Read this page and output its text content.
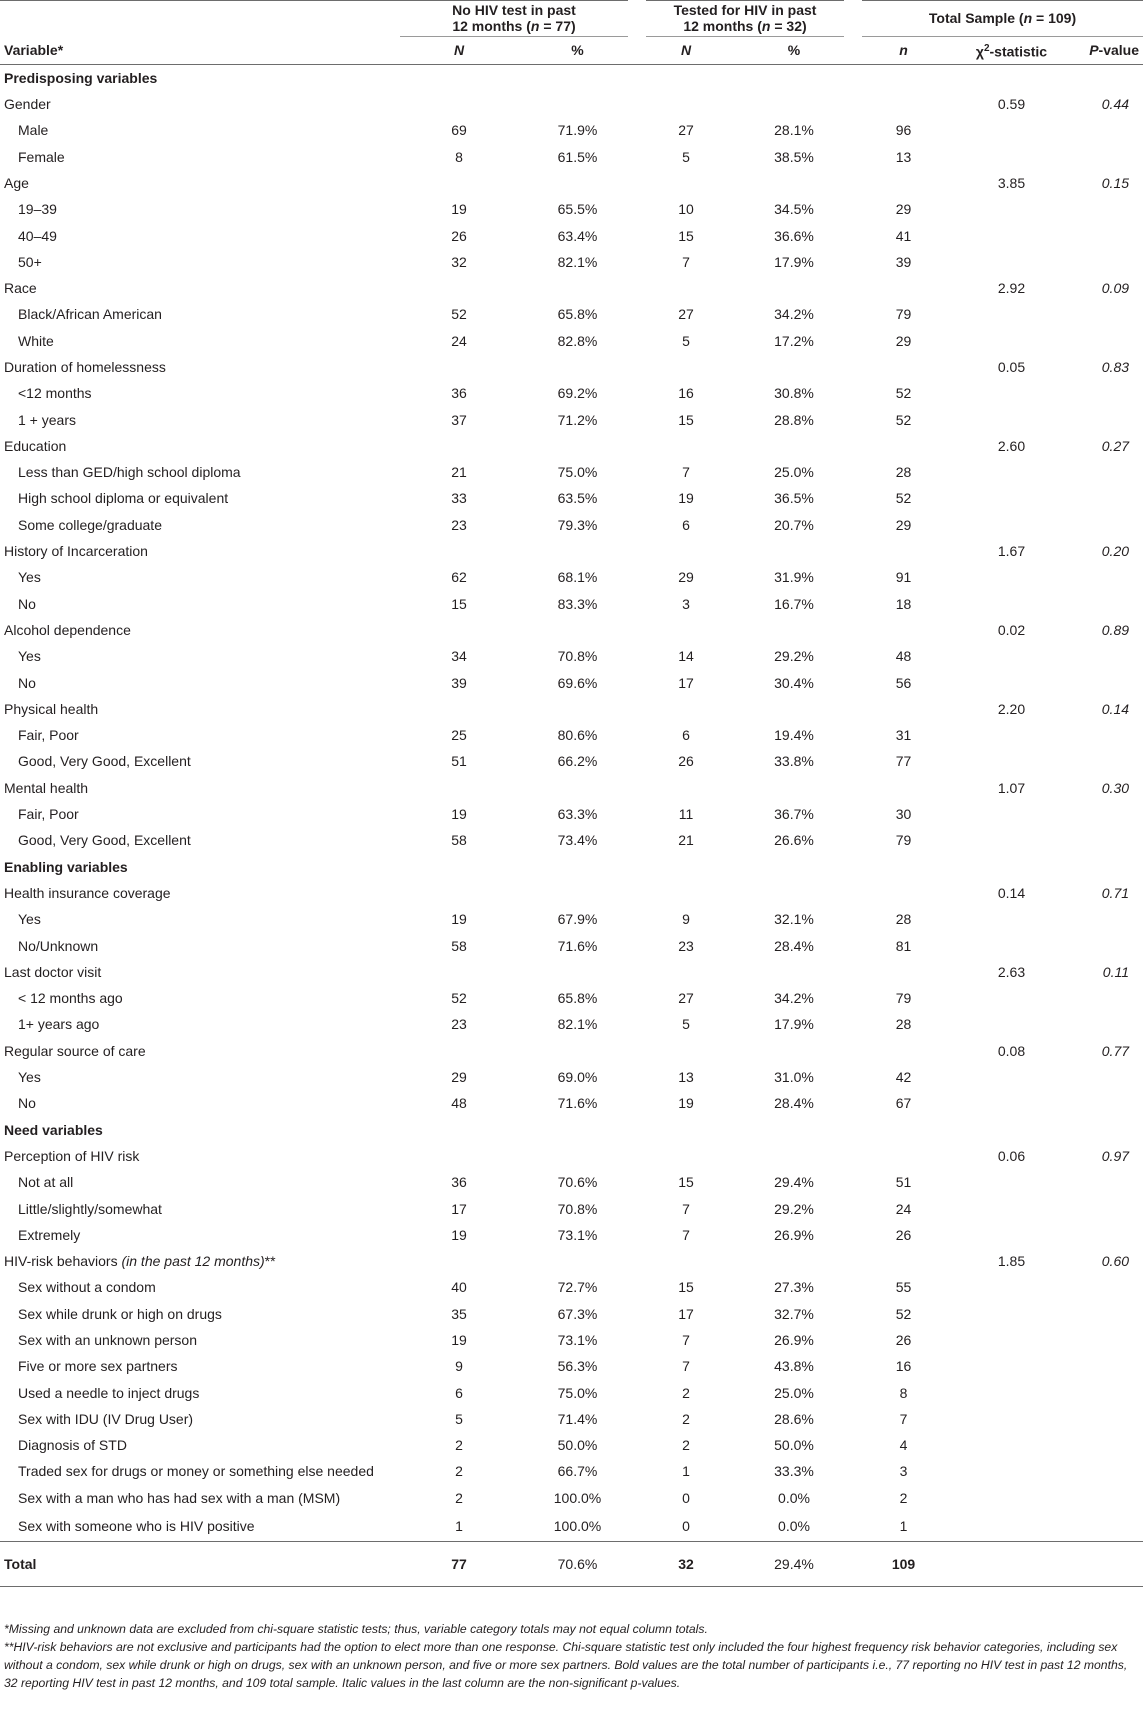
	No HIV test in past
12 months (n = 77)		Tested for HIV in past
12 months (n = 32)		Total Sample (n = 109)		
Variable*	N	%	N	%	n	$\chi^2$-statistic	P-value
Predisposing variables							
Gender						0.59	0.44
Male	69	71.9%	27	28.1%	96		
Female	8	61.5%	5	38.5%	13		
Age						3.85	0.15
19–39	19	65.5%	10	34.5%	29		
40–49	26	63.4%	15	36.6%	41		
50+	32	82.1%	7	17.9%	39		
Race						2.92	0.09
Black/African American	52	65.8%	27	34.2%	79		
White	24	82.8%	5	17.2%	29		
Duration of homelessness						0.05	0.83
<12 months	36	69.2%	16	30.8%	52		
1 + years	37	71.2%	15	28.8%	52		
Education						2.60	0.27
Less than GED/high school diploma	21	75.0%	7	25.0%	28		
High school diploma or equivalent	33	63.5%	19	36.5%	52		
Some college/graduate	23	79.3%	6	20.7%	29		
History of Incarceration						1.67	0.20
Yes	62	68.1%	29	31.9%	91		
No	15	83.3%	3	16.7%	18		
Alcohol dependence						0.02	0.89
Yes	34	70.8%	14	29.2%	48		
No	39	69.6%	17	30.4%	56		
Physical health						2.20	0.14
Fair, Poor	25	80.6%	6	19.4%	31		
Good, Very Good, Excellent	51	66.2%	26	33.8%	77		
Mental health						1.07	0.30
Fair, Poor	19	63.3%	11	36.7%	30		
Good, Very Good, Excellent	58	73.4%	21	26.6%	79		
Enabling variables							
Health insurance coverage						0.14	0.71
Yes	19	67.9%	9	32.1%	28		
No/Unknown	58	71.6%	23	28.4%	81		
Last doctor visit						2.63	0.11
< 12 months ago	52	65.8%	27	34.2%	79		
1+ years ago	23	82.1%	5	17.9%	28		
Regular source of care						0.08	0.77
Yes	29	69.0%	13	31.0%	42		
No	48	71.6%	19	28.4%	67		
Need variables							
Perception of HIV risk						0.06	0.97
Not at all	36	70.6%	15	29.4%	51		
Little/slightly/somewhat	17	70.8%	7	29.2%	24		
Extremely	19	73.1%	7	26.9%	26		
HIV-risk behaviors (in the past 12 months)**						1.85	0.60
Sex without a condom	40	72.7%	15	27.3%	55		
Sex while drunk or high on drugs	35	67.3%	17	32.7%	52		
Sex with an unknown person	19	73.1%	7	26.9%	26		
Five or more sex partners	9	56.3%	7	43.8%	16		
Used a needle to inject drugs	6	75.0%	2	25.0%	8		
Sex with IDU (IV Drug User)	5	71.4%	2	28.6%	7		
Diagnosis of STD	2	50.0%	2	50.0%	4		
Traded sex for drugs or money or something else needed	2	66.7%	1	33.3%	3		
Sex with a man who has had sex with a man (MSM)	2	100.0%	0	0.0%	2		
Sex with someone who is HIV positive	1	100.0%	0	0.0%	1		
Total	77	70.6%	32	29.4%	109		

*Missing and unknown data are excluded from chi-square statistic tests; thus, variable category totals may not equal column totals.

**HIV-risk behaviors are not exclusive and participants had the option to elect more than one response. Chi-square statistic test only included the four highest frequency risk behavior categories, including sex without a condom, sex while drunk or high on drugs, sex with an unknown person, and five or more sex partners. Bold values are the total number of participants i.e., 77 reporting no HIV test in past 12 months, 32 reporting HIV test in past 12 months, and 109 total sample. Italic values in the last column are the non-significant p-values.
